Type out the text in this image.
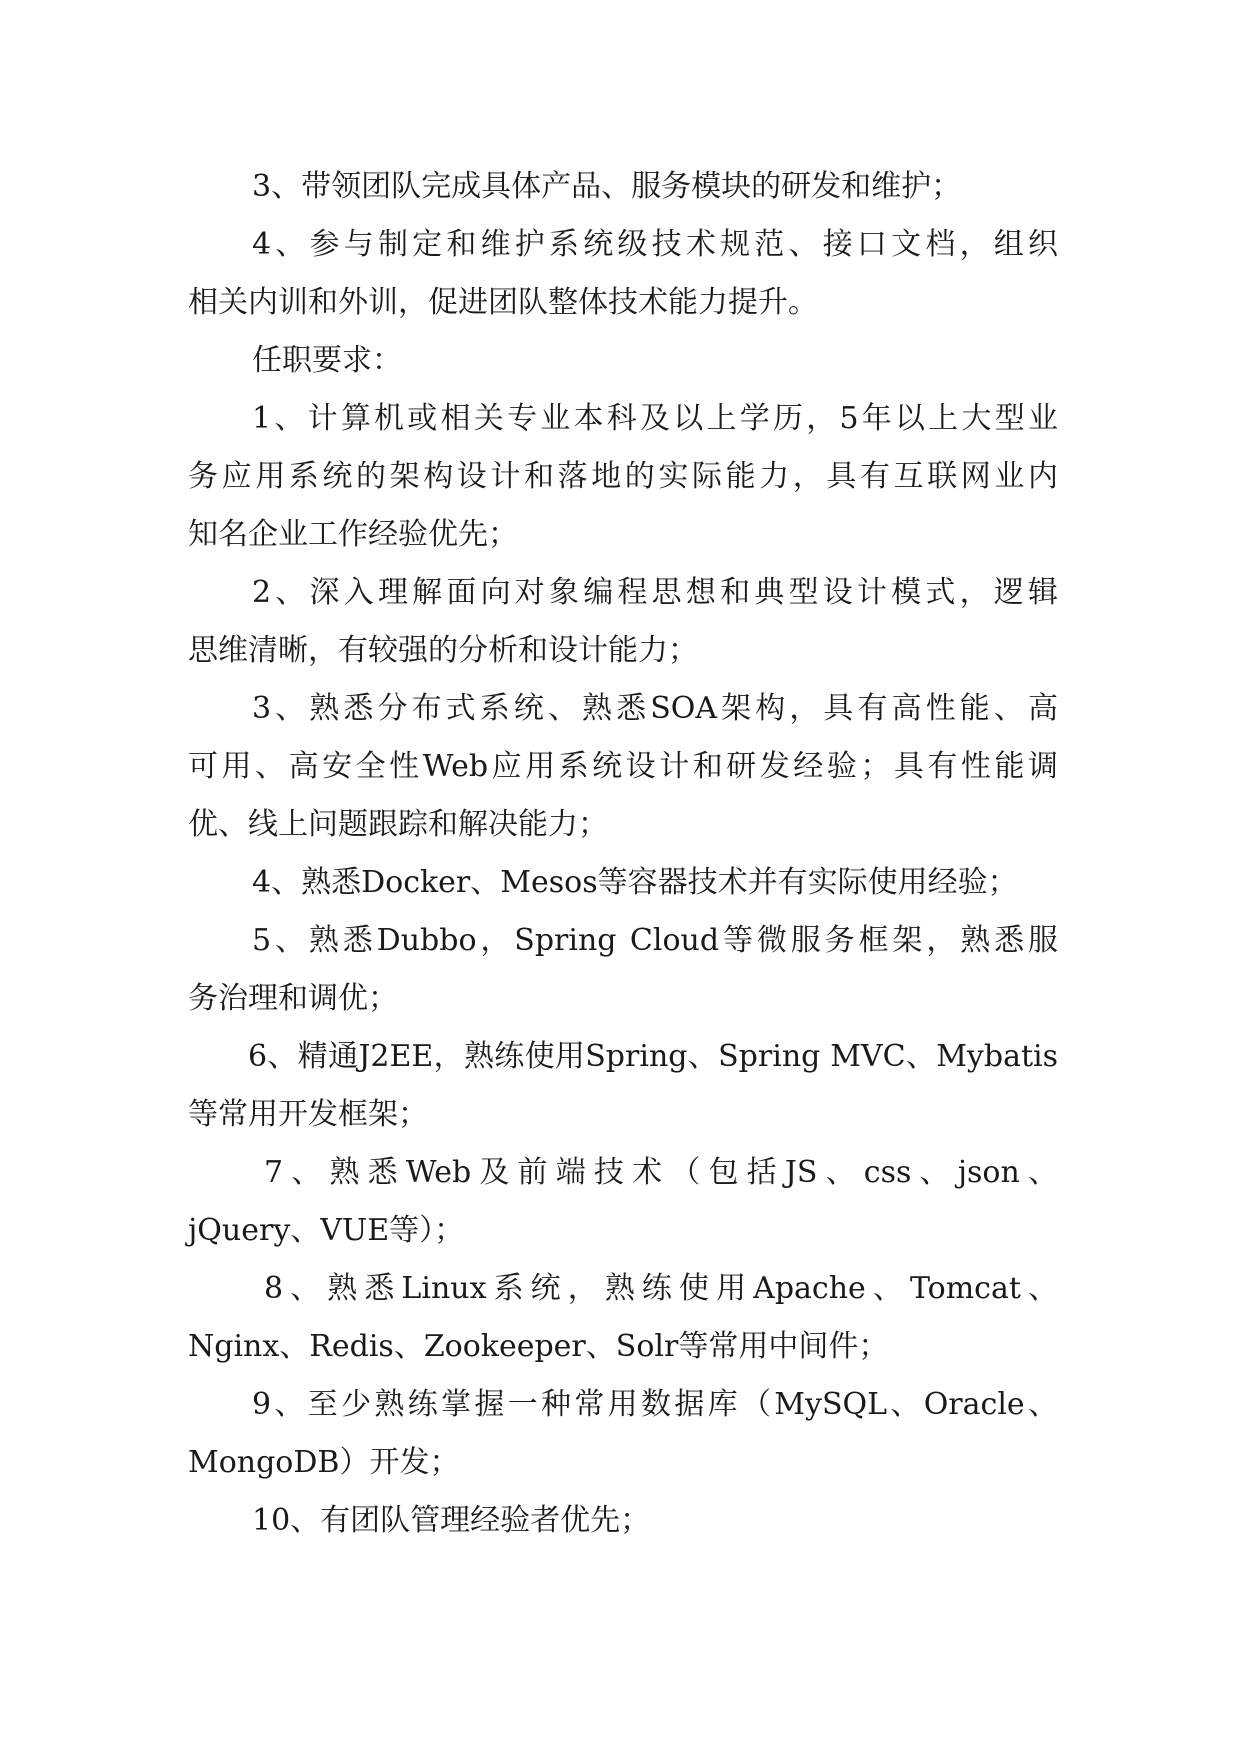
3、带领团队完成具体产品、服务模块的研发和维护；
4、参与制定和维护系统级技术规范、接口文档，组织
相关内训和外训，促进团队整体技术能力提升。
任职要求：
1、计算机或相关专业本科及以上学历，5年以上大型业
务应用系统的架构设计和落地的实际能力，具有互联网业内
知名企业工作经验优先；
2、深入理解面向对象编程思想和典型设计模式，逻辑
思维清晰，有较强的分析和设计能力；
3、熟悉分布式系统、熟悉SOA架构，具有高性能、高
可用、高安全性Web应用系统设计和研发经验；具有性能调
优、线上问题跟踪和解决能力；
4、熟悉Docker、Mesos等容器技术并有实际使用经验；
5、熟悉Dubbo，Spring Cloud等微服务框架，熟悉服
务治理和调优；
6、精通J2EE，熟练使用Spring、Spring MVC、Mybatis
等常用开发框架；
7、熟悉Web及前端技术（包括JS、css、json、
jQuery、VUE等）；
8、熟悉Linux系统，熟练使用Apache、Tomcat、
Nginx、Redis、Zookeeper、Solr等常用中间件；
9、至少熟练掌握一种常用数据库（MySQL、Oracle、
MongoDB）开发；
10、有团队管理经验者优先；
